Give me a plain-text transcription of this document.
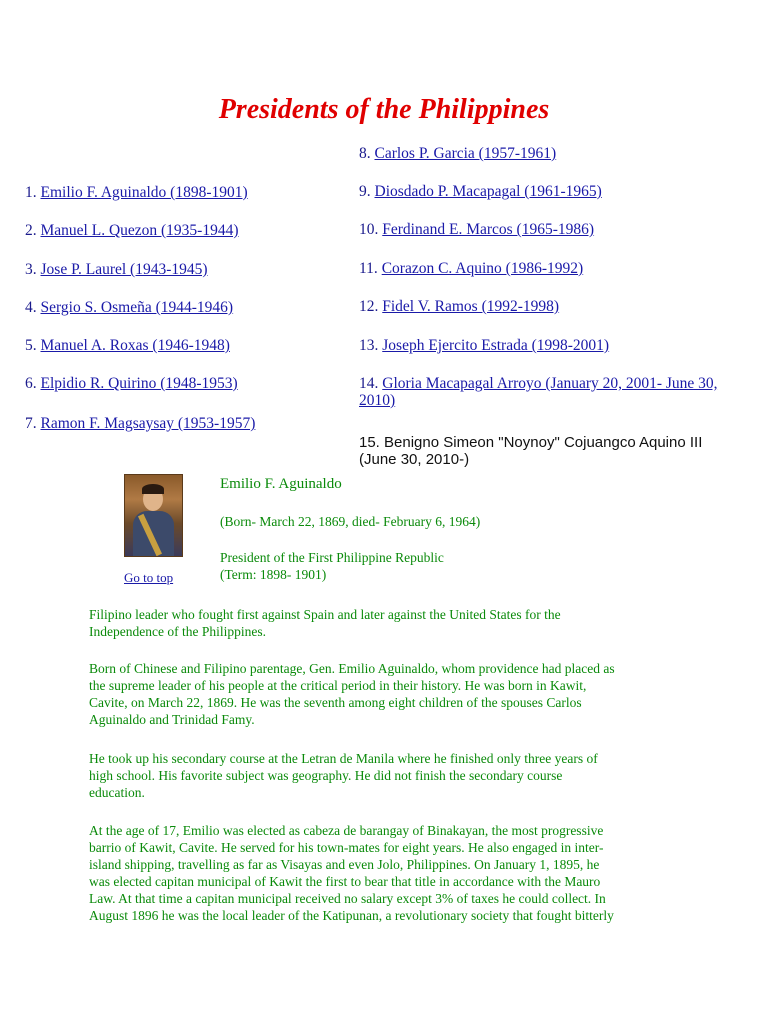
Presidents of the Philippines
1. Emilio F. Aguinaldo (1898-1901)
2. Manuel L. Quezon (1935-1944)
3. Jose P. Laurel (1943-1945)
4. Sergio S. Osmeña (1944-1946)
5. Manuel A. Roxas (1946-1948)
6. Elpidio R. Quirino (1948-1953)
7. Ramon F. Magsaysay (1953-1957)
8. Carlos P. Garcia (1957-1961)
9. Diosdado P. Macapagal (1961-1965)
10. Ferdinand E. Marcos (1965-1986)
11. Corazon C. Aquino (1986-1992)
12. Fidel V. Ramos (1992-1998)
13. Joseph Ejercito Estrada (1998-2001)
14. Gloria Macapagal Arroyo (January 20, 2001- June 30, 2010)
15. Benigno Simeon "Noynoy" Cojuangco Aquino III
(June 30, 2010-)
Go to top

Emilio F. Aguinaldo

(Born- March 22, 1869, died- February 6, 1964)

President of the First Philippine Republic
(Term: 1898- 1901)
Filipino leader who fought first against Spain and later against the United States for the
Independence of the Philippines.
Born of Chinese and Filipino parentage, Gen. Emilio Aguinaldo, whom providence had placed as
the supreme leader of his people at the critical period in their history. He was born in Kawit,
Cavite, on March 22, 1869. He was the seventh among eight children of the spouses Carlos
Aguinaldo and Trinidad Famy.
He took up his secondary course at the Letran de Manila where he finished only three years of
high school. His favorite subject was geography. He did not finish the secondary course
education.
At the age of 17, Emilio was elected as cabeza de barangay of Binakayan, the most progressive
barrio of Kawit, Cavite. He served for his town-mates for eight years. He also engaged in inter-
island shipping, travelling as far as Visayas and even Jolo, Philippines. On January 1, 1895, he
was elected capitan municipal of Kawit the first to bear that title in accordance with the Mauro
Law. At that time a capitan municipal received no salary except 3% of taxes he could collect. In
August 1896 he was the local leader of the Katipunan, a revolutionary society that fought bitterly
